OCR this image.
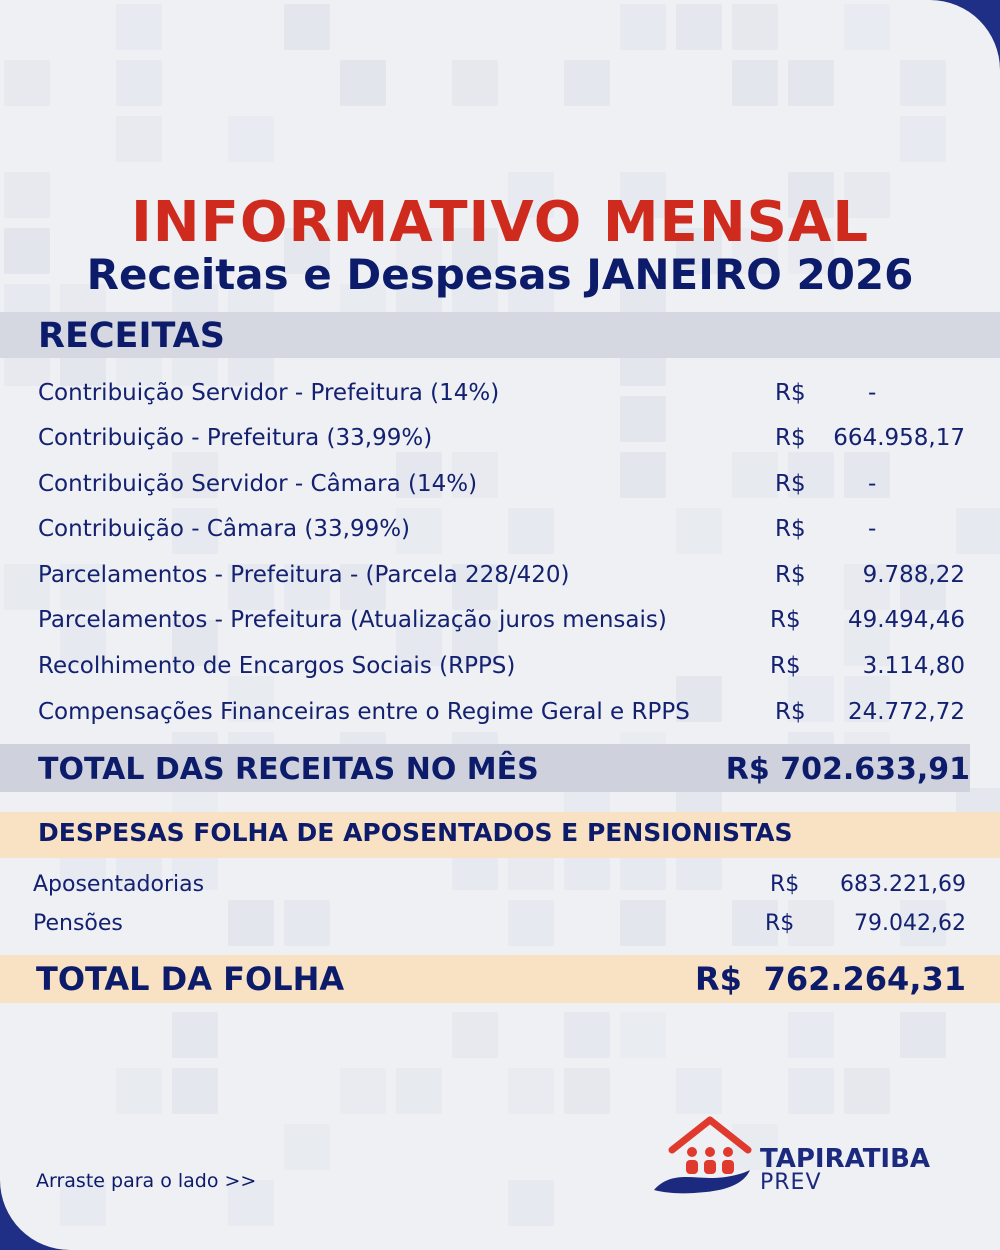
INFORMATIVO MENSAL
Receitas e Despesas JANEIRO 2026
RECEITAS
Contribuição Servidor - Prefeitura (14%)	R$	-
Contribuição - Prefeitura (33,99%)	R$ 664.958,17
Contribuição Servidor - Câmara (14%)	R$	-
Contribuição - Câmara (33,99%)	R$	-
Parcelamentos - Prefeitura - (Parcela 228/420)	R$ 9.788,22
Parcelamentos - Prefeitura (Atualização juros mensais)	R$ 49.494,46
Recolhimento de Encargos Sociais (RPPS)	R$	3.114,80
Compensações Financeiras entre o Regime Geral e RPPS	R$ 24.772,72
TOTAL DAS RECEITAS NO MÊS	R$ 702.633,91
DESPESAS FOLHA DE APOSENTADOS E PENSIONISTAS
Aposentadorias	R$ 683.221,69
Pensões	R$	79.042,62
TOTAL DA FOLHA	R$ 762.264,31
Arraste para o lado >>
TAPIRATIBA
PREV
